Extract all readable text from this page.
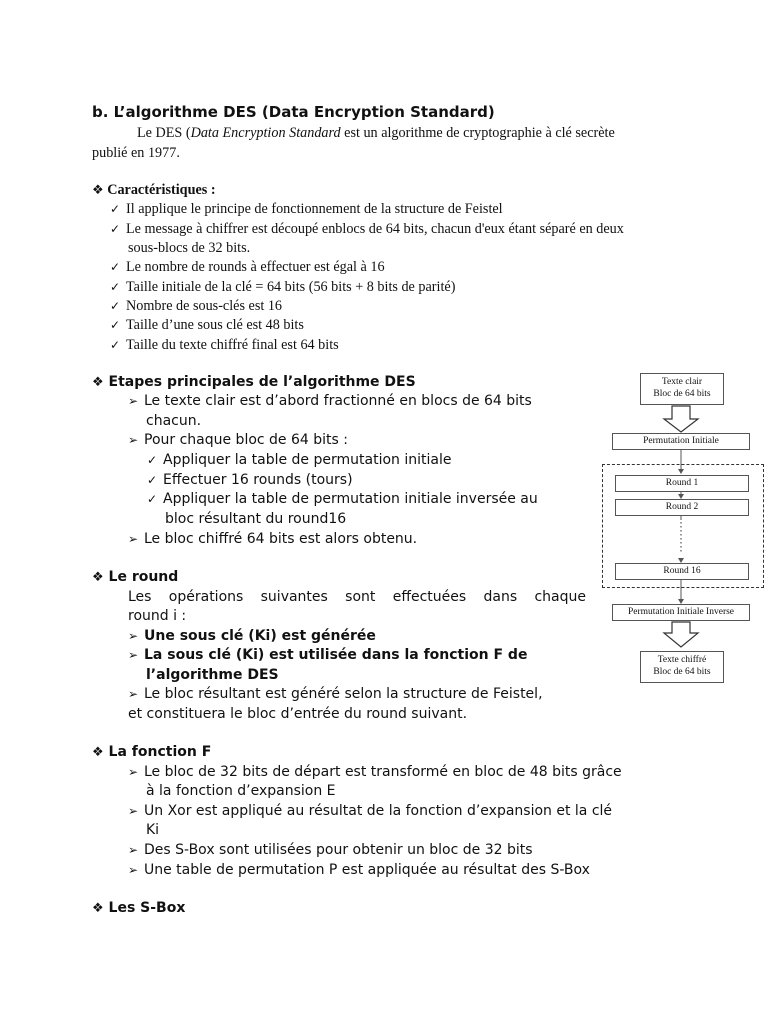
b. L’algorithme DES (Data Encryption Standard)
Le DES (Data Encryption Standard est un algorithme de cryptographie à clé secrète
publié en 1977.
❖ Caractéristiques :
✓ Il applique le principe de fonctionnement de la structure de Feistel
✓ Le message à chiffrer est découpé enblocs de 64 bits, chacun d'eux étant séparé en deux
sous-blocs de 32 bits.
✓ Le nombre de rounds à effectuer est égal à 16
✓ Taille initiale de la clé = 64 bits (56 bits + 8 bits de parité)
✓ Nombre de sous-clés est 16
✓ Taille d’une sous clé est 48 bits
✓ Taille du texte chiffré final est 64 bits
❖ Etapes principales de l’algorithme DES
➢ Le texte clair est d’abord fractionné en blocs de 64 bits
chacun.
➢ Pour chaque bloc de 64 bits :
✓ Appliquer la table de permutation initiale
✓ Effectuer 16 rounds (tours)
✓ Appliquer la table de permutation initiale inversée au
bloc résultant du round16
➢ Le bloc chiffré 64 bits est alors obtenu.
❖ Le round
Les opérations suivantes sont effectuées dans chaque
round i :
➢ Une sous clé (Ki) est générée
➢ La sous clé (Ki) est utilisée dans la fonction F de
l’algorithme DES
➢ Le bloc résultant est généré selon la structure de Feistel,
et constituera le bloc d’entrée du round suivant.
❖ La fonction F
➢ Le bloc de 32 bits de départ est transformé en bloc de 48 bits grâce
à la fonction d’expansion E
➢ Un Xor est appliqué au résultat de la fonction d’expansion et la clé
Ki
➢ Des S-Box sont utilisées pour obtenir un bloc de 32 bits
➢ Une table de permutation P est appliquée au résultat des S-Box
❖ Les S-Box
Texte clair
Bloc de 64 bits
Permutation Initiale
Round 1
Round 2
Round 16
Permutation Initiale Inverse
Texte chiffré
Bloc de 64 bits
